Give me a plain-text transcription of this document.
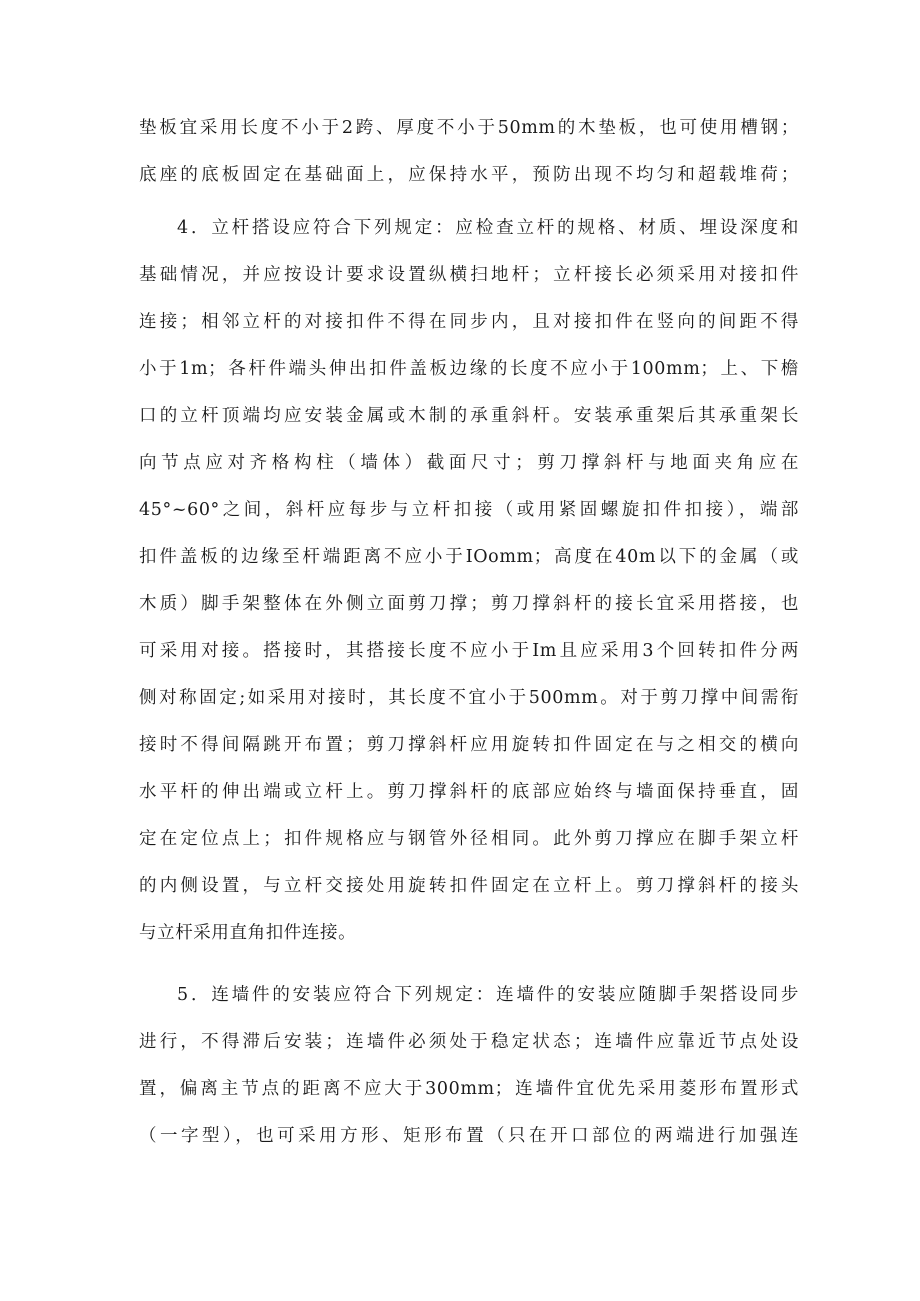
垫板宜采用长度不小于2跨、厚度不小于50mm的木垫板，也可使用槽钢；
底座的底板固定在基础面上，应保持水平，预防出现不均匀和超载堆荷；
4．立杆搭设应符合下列规定：应检查立杆的规格、材质、埋设深度和
基础情况，并应按设计要求设置纵横扫地杆；立杆接长必须采用对接扣件
连接；相邻立杆的对接扣件不得在同步内，且对接扣件在竖向的间距不得
小于1m；各杆件端头伸出扣件盖板边缘的长度不应小于100mm；上、下檐
口的立杆顶端均应安装金属或木制的承重斜杆。安装承重架后其承重架长
向节点应对齐格构柱（墙体）截面尺寸；剪刀撑斜杆与地面夹角应在
45°~60°之间，斜杆应每步与立杆扣接（或用紧固螺旋扣件扣接），端部
扣件盖板的边缘至杆端距离不应小于IOomm；高度在40m以下的金属（或
木质）脚手架整体在外侧立面剪刀撑；剪刀撑斜杆的接长宜采用搭接，也
可采用对接。搭接时，其搭接长度不应小于Im且应采用3个回转扣件分两
侧对称固定;如采用对接时，其长度不宜小于500mm。对于剪刀撑中间需衔
接时不得间隔跳开布置；剪刀撑斜杆应用旋转扣件固定在与之相交的横向
水平杆的伸出端或立杆上。剪刀撑斜杆的底部应始终与墙面保持垂直，固
定在定位点上；扣件规格应与钢管外径相同。此外剪刀撑应在脚手架立杆
的内侧设置，与立杆交接处用旋转扣件固定在立杆上。剪刀撑斜杆的接头
与立杆采用直角扣件连接。
5．连墙件的安装应符合下列规定：连墙件的安装应随脚手架搭设同步
进行，不得滞后安装；连墙件必须处于稳定状态；连墙件应靠近节点处设
置，偏离主节点的距离不应大于300mm；连墙件宜优先采用菱形布置形式
（一字型），也可采用方形、矩形布置（只在开口部位的两端进行加强连
